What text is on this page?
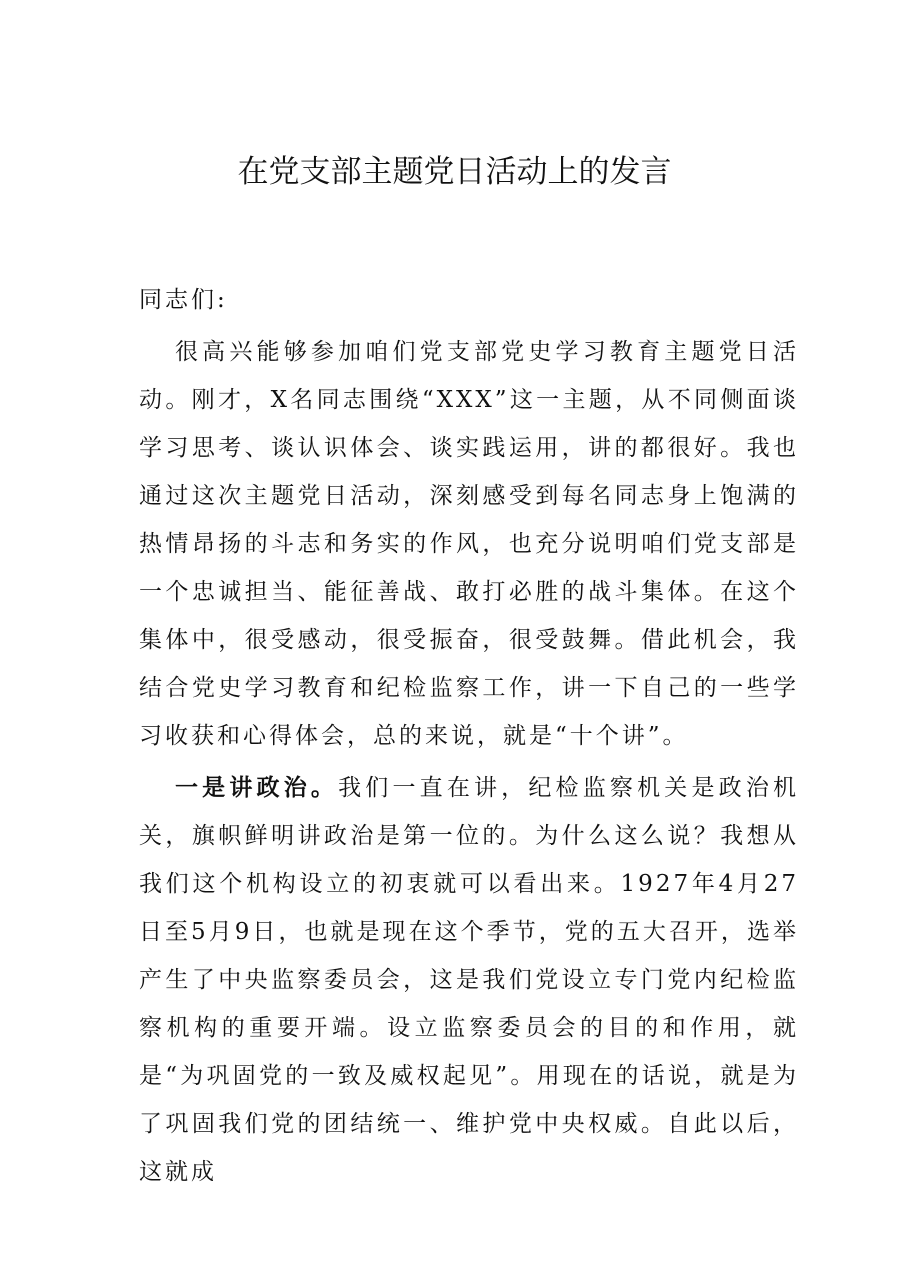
在党支部主题党日活动上的发言

同志们:

很高兴能够参加咱们党支部党史学习教育主题党日活动。刚才，X名同志围绕“XXX”这一主题，从不同侧面谈学习思考、谈认识体会、谈实践运用，讲的都很好。我也通过这次主题党日活动，深刻感受到每名同志身上饱满的热情昂扬的斗志和务实的作风，也充分说明咱们党支部是一个忠诚担当、能征善战、敢打必胜的战斗集体。在这个集体中，很受感动，很受振奋，很受鼓舞。借此机会，我结合党史学习教育和纪检监察工作，讲一下自己的一些学习收获和心得体会，总的来说，就是“十个讲”。

一是讲政治。我们一直在讲，纪检监察机关是政治机关，旗帜鲜明讲政治是第一位的。为什么这么说？我想从我们这个机构设立的初衷就可以看出来。1927年4月27日至5月9日，也就是现在这个季节，党的五大召开，选举产生了中央监察委员会，这是我们党设立专门党内纪检监察机构的重要开端。设立监察委员会的目的和作用，就是“为巩固党的一致及威权起见”。用现在的话说，就是为了巩固我们党的团结统一、维护党中央权威。自此以后，这就成
